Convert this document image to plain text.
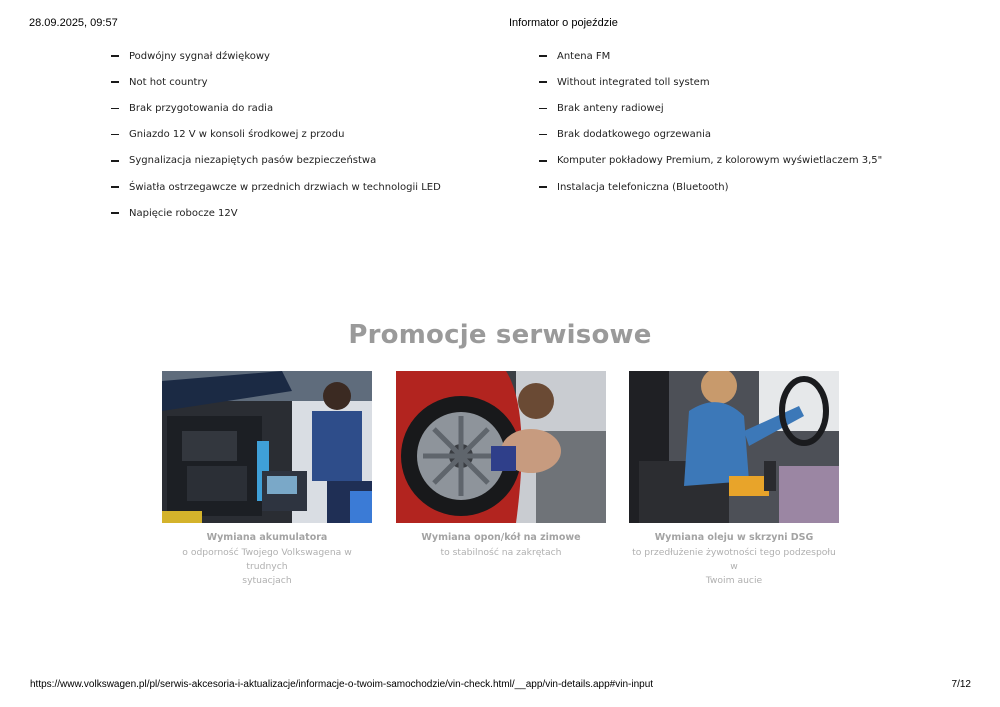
28.09.2025, 09:57	Informator o pojeździe
Podwójny sygnał dźwiękowy
Not hot country
Brak przygotowania do radia
Gniazdo 12 V w konsoli środkowej z przodu
Sygnalizacja niezapiętych pasów bezpieczeństwa
Światła ostrzegawcze w przednich drzwiach w technologii LED
Napięcie robocze 12V
Antena FM
Without integrated toll system
Brak anteny radiowej
Brak dodatkowego ogrzewania
Komputer pokładowy Premium, z kolorowym wyświetlaczem 3,5"
Instalacja telefoniczna (Bluetooth)
Promocje serwisowe
Wymiana akumulatora
o odporność Twojego Volkswagena w trudnych
sytuacjach
Wymiana opon/kół na zimowe
to stabilność na zakrętach
Wymiana oleju w skrzyni DSG
to przedłużenie żywotności tego podzespołu w
Twoim aucie
https://www.volkswagen.pl/pl/serwis-akcesoria-i-aktualizacje/informacje-o-twoim-samochodzie/vin-check.html/__app/vin-details.app#vin-input	7/12
